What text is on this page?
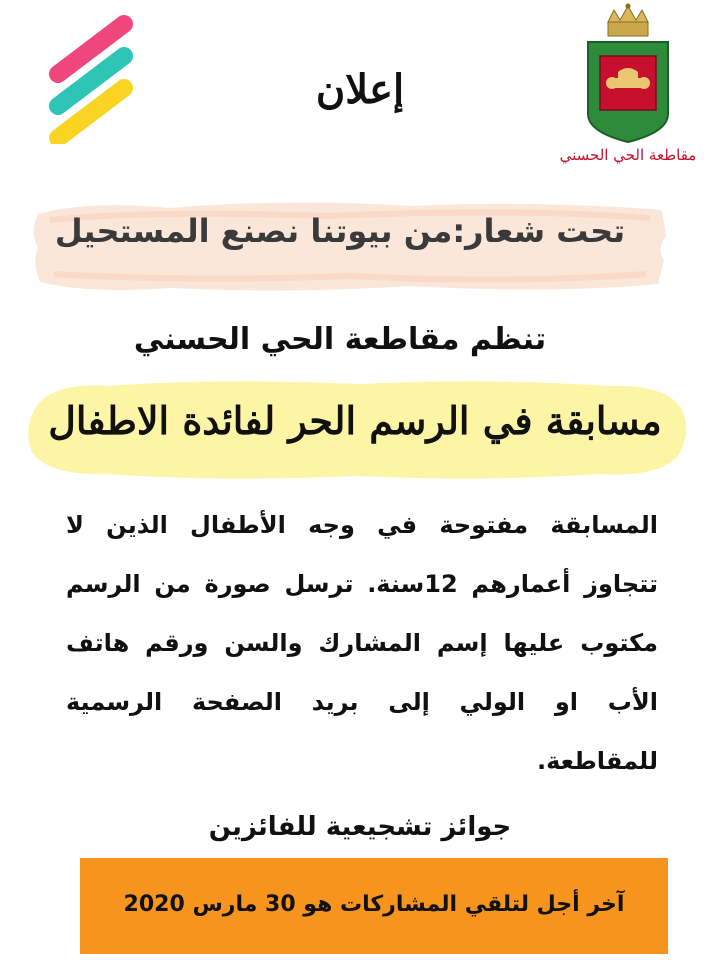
مقاطعة الحي الحسني
إعلان
تحت شعار:من بيوتنا نصنع المستحيل
تنظم مقاطعة الحي الحسني
مسابقة في الرسم الحر لفائدة الاطفال
المسابقة مفتوحة في وجه الأطفال الذين لا تتجاوز أعمارهم 12سنة. ترسل صورة من الرسم مكتوب عليها إسم المشارك والسن ورقم هاتف الأب او الولي إلى بريد الصفحة الرسمية للمقاطعة.
جوائز تشجيعية للفائزين
آخر أجل لتلقي المشاركات هو 30 مارس 2020
